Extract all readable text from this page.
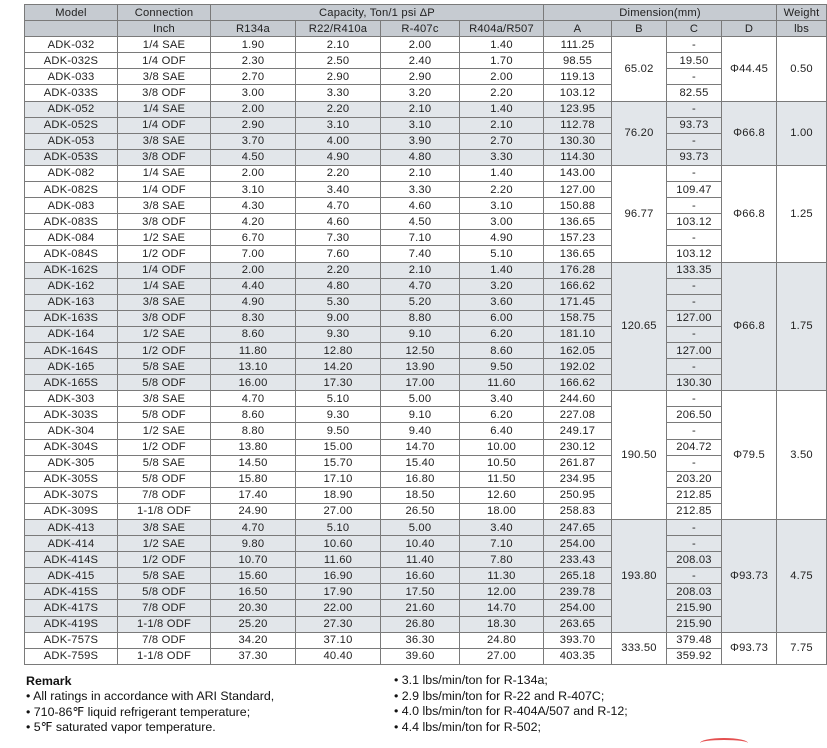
Model	Connection	Capacity, Ton/1 psi ΔP				Dimension(mm)				Weight
	Inch	R134a	R22/R410a	R-407c	R404a/R507	A	B	C	D	lbs
ADK-032	1/4 SAE	1.90	2.10	2.00	1.40	111.25	65.02	-	Φ44.45	0.50
ADK-032S	1/4 ODF	2.30	2.50	2.40	1.70	98.55		19.50		
ADK-033	3/8 SAE	2.70	2.90	2.90	2.00	119.13		-		
ADK-033S	3/8 ODF	3.00	3.30	3.20	2.20	103.12		82.55		
ADK-052	1/4 SAE	2.00	2.20	2.10	1.40	123.95	76.20	-	Φ66.8	1.00
ADK-052S	1/4 ODF	2.90	3.10	3.10	2.10	112.78		93.73		
ADK-053	3/8 SAE	3.70	4.00	3.90	2.70	130.30		-		
ADK-053S	3/8 ODF	4.50	4.90	4.80	3.30	114.30		93.73		
ADK-082	1/4 SAE	2.00	2.20	2.10	1.40	143.00	96.77	-	Φ66.8	1.25
ADK-082S	1/4 ODF	3.10	3.40	3.30	2.20	127.00		109.47		
ADK-083	3/8 SAE	4.30	4.70	4.60	3.10	150.88		-		
ADK-083S	3/8 ODF	4.20	4.60	4.50	3.00	136.65		103.12		
ADK-084	1/2 SAE	6.70	7.30	7.10	4.90	157.23		-		
ADK-084S	1/2 ODF	7.00	7.60	7.40	5.10	136.65		103.12		
ADK-162S	1/4 ODF	2.00	2.20	2.10	1.40	176.28	120.65	133.35	Φ66.8	1.75
ADK-162	1/4 SAE	4.40	4.80	4.70	3.20	166.62		-		
ADK-163	3/8 SAE	4.90	5.30	5.20	3.60	171.45		-		
ADK-163S	3/8 ODF	8.30	9.00	8.80	6.00	158.75		127.00		
ADK-164	1/2 SAE	8.60	9.30	9.10	6.20	181.10		-		
ADK-164S	1/2 ODF	11.80	12.80	12.50	8.60	162.05		127.00		
ADK-165	5/8 SAE	13.10	14.20	13.90	9.50	192.02		-		
ADK-165S	5/8 ODF	16.00	17.30	17.00	11.60	166.62		130.30		
ADK-303	3/8 SAE	4.70	5.10	5.00	3.40	244.60	190.50	-	Φ79.5	3.50
ADK-303S	5/8 ODF	8.60	9.30	9.10	6.20	227.08		206.50		
ADK-304	1/2 SAE	8.80	9.50	9.40	6.40	249.17		-		
ADK-304S	1/2 ODF	13.80	15.00	14.70	10.00	230.12		204.72		
ADK-305	5/8 SAE	14.50	15.70	15.40	10.50	261.87		-		
ADK-305S	5/8 ODF	15.80	17.10	16.80	11.50	234.95		203.20		
ADK-307S	7/8 ODF	17.40	18.90	18.50	12.60	250.95		212.85		
ADK-309S	1-1/8 ODF	24.90	27.00	26.50	18.00	258.83		212.85		
ADK-413	3/8 SAE	4.70	5.10	5.00	3.40	247.65	193.80	-	Φ93.73	4.75
ADK-414	1/2 SAE	9.80	10.60	10.40	7.10	254.00		-		
ADK-414S	1/2 ODF	10.70	11.60	11.40	7.80	233.43		208.03		
ADK-415	5/8 SAE	15.60	16.90	16.60	11.30	265.18		-		
ADK-415S	5/8 ODF	16.50	17.90	17.50	12.00	239.78		208.03		
ADK-417S	7/8 ODF	20.30	22.00	21.60	14.70	254.00		215.90		
ADK-419S	1-1/8 ODF	25.20	27.30	26.80	18.30	263.65		215.90		
ADK-757S	7/8 ODF	34.20	37.10	36.30	24.80	393.70	333.50	379.48	Φ93.73	7.75
ADK-759S	1-1/8 ODF	37.30	40.40	39.60	27.00	403.35		359.92		
Remark
• All ratings in accordance with ARI Standard,
• 710-86℉ liquid refrigerant temperature;
• 5℉ saturated vapor temperature.
• 3.1 lbs/min/ton for R-134a;
• 2.9 lbs/min/ton for R-22 and R-407C;
• 4.0 lbs/min/ton for R-404A/507 and R-12;
• 4.4 lbs/min/ton for R-502;
